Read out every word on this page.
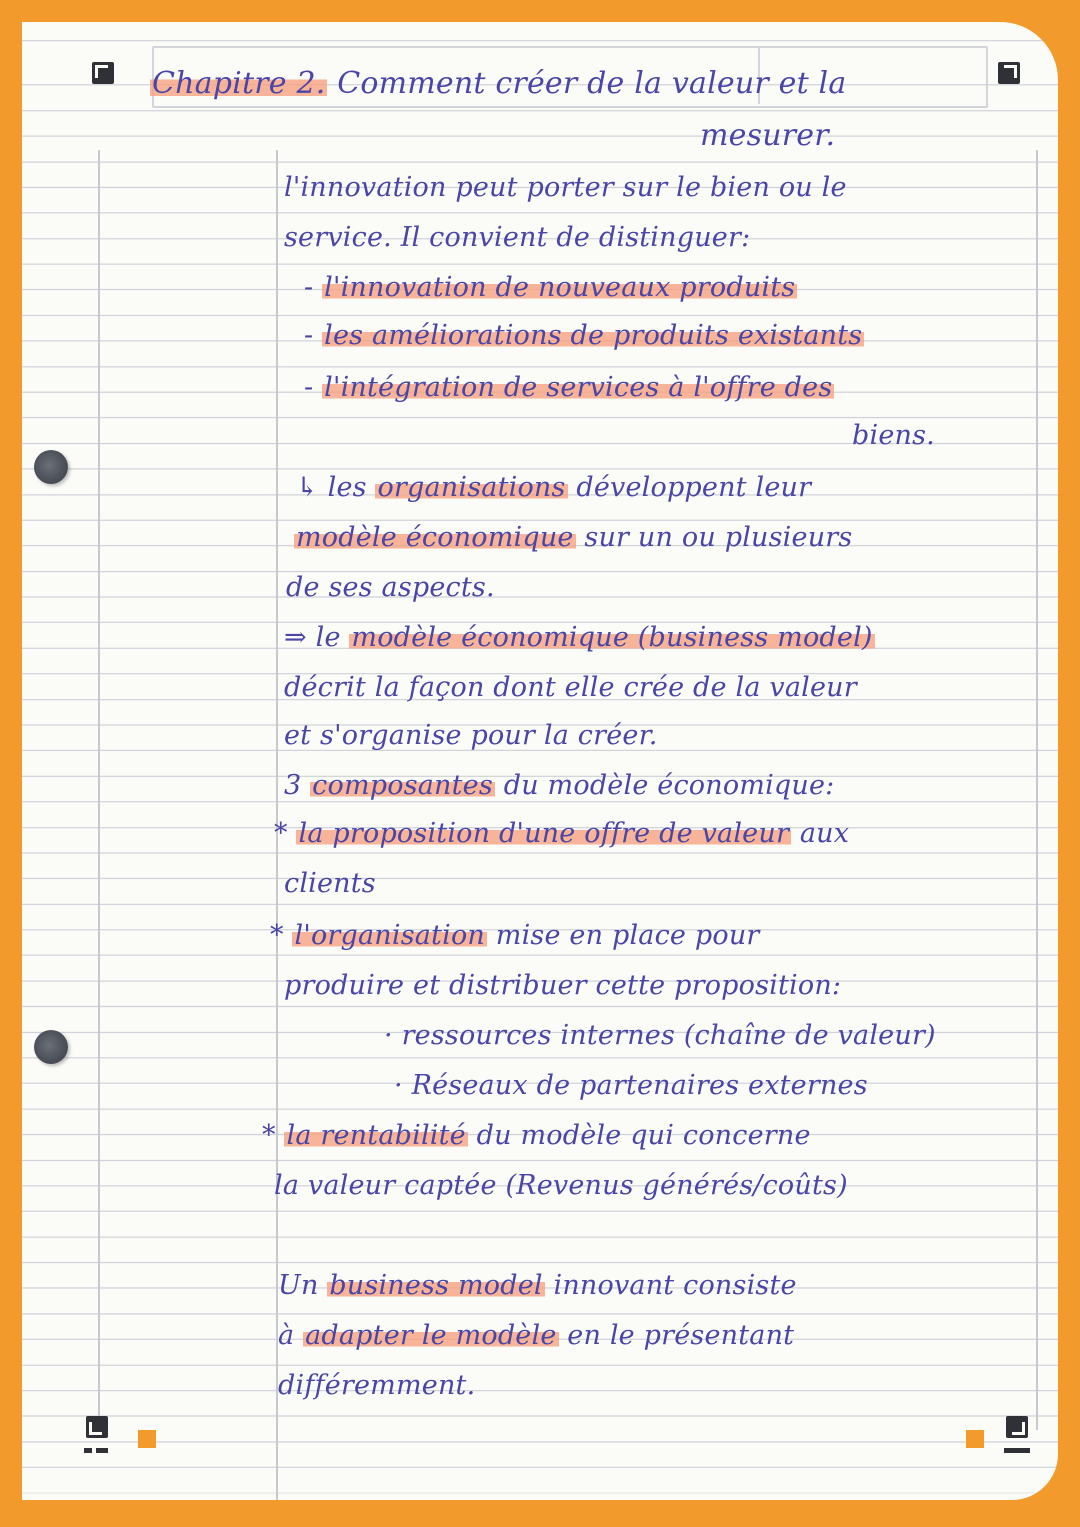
Chapitre 2. Comment créer de la valeur et la

mesurer.

l'innovation peut porter sur le bien ou le

service. Il convient de distinguer:

- l'innovation de nouveaux produits

- les améliorations de produits existants

- l'intégration de services à l'offre des

biens.

↳ les organisations développent leur

modèle économique sur un ou plusieurs

de ses aspects.

⇒ le modèle économique (business model)

décrit la façon dont elle crée de la valeur

et s'organise pour la créer.

3 composantes du modèle économique:

* la proposition d'une offre de valeur aux

clients

* l'organisation mise en place pour

produire et distribuer cette proposition:

· ressources internes (chaîne de valeur)

· Réseaux de partenaires externes

* la rentabilité du modèle qui concerne

la valeur captée (Revenus générés/coûts)

Un business model innovant consiste

à adapter le modèle en le présentant

différemment.
